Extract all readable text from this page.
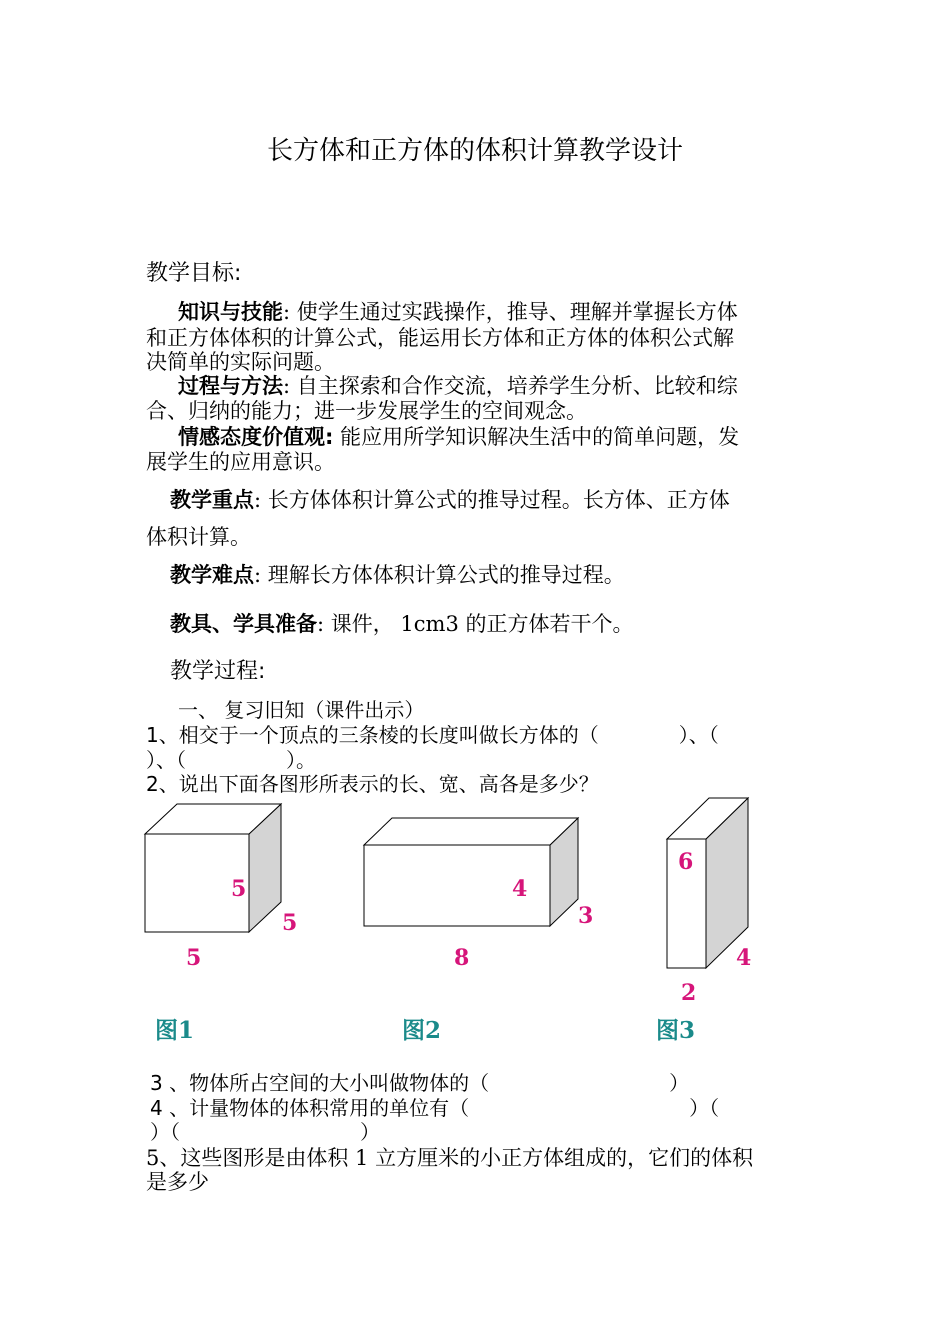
长方体和正方体的体积计算教学设计
教学目标:
知识与技能: 使学生通过实践操作，推导、理解并掌握长方体
和正方体体积的计算公式，能运用长方体和正方体的体积公式解
决简单的实际问题。
过程与方法: 自主探索和合作交流，培养学生分析、比较和综
合、归纳的能力；进一步发展学生的空间观念。
情感态度价值观: 能应用所学知识解决生活中的简单问题，发
展学生的应用意识。
教学重点: 长方体体积计算公式的推导过程。长方体、正方体
体积计算。
教学难点: 理解长方体体积计算公式的推导过程。
教具、学具准备: 课件， 1cm3 的正方体若干个。
教学过程:
一、 复习旧知（课件出示）
1、相交于一个顶点的三条棱的长度叫做长方体的（　　　　）、（
）、（　　　　　）。
2、说出下面各图形所表示的长、宽、高各是多少？
5
5
5
4
3
8
6
4
2
图1	图2	图3
3 、物体所占空间的大小叫做物体的（　　　　　　　　　）
4 、计量物体的体积常用的单位有（　　　　　　　　　　　）（
）（　　　　　　　　　）
5、这些图形是由体积 1 立方厘米的小正方体组成的，它们的体积
是多少
